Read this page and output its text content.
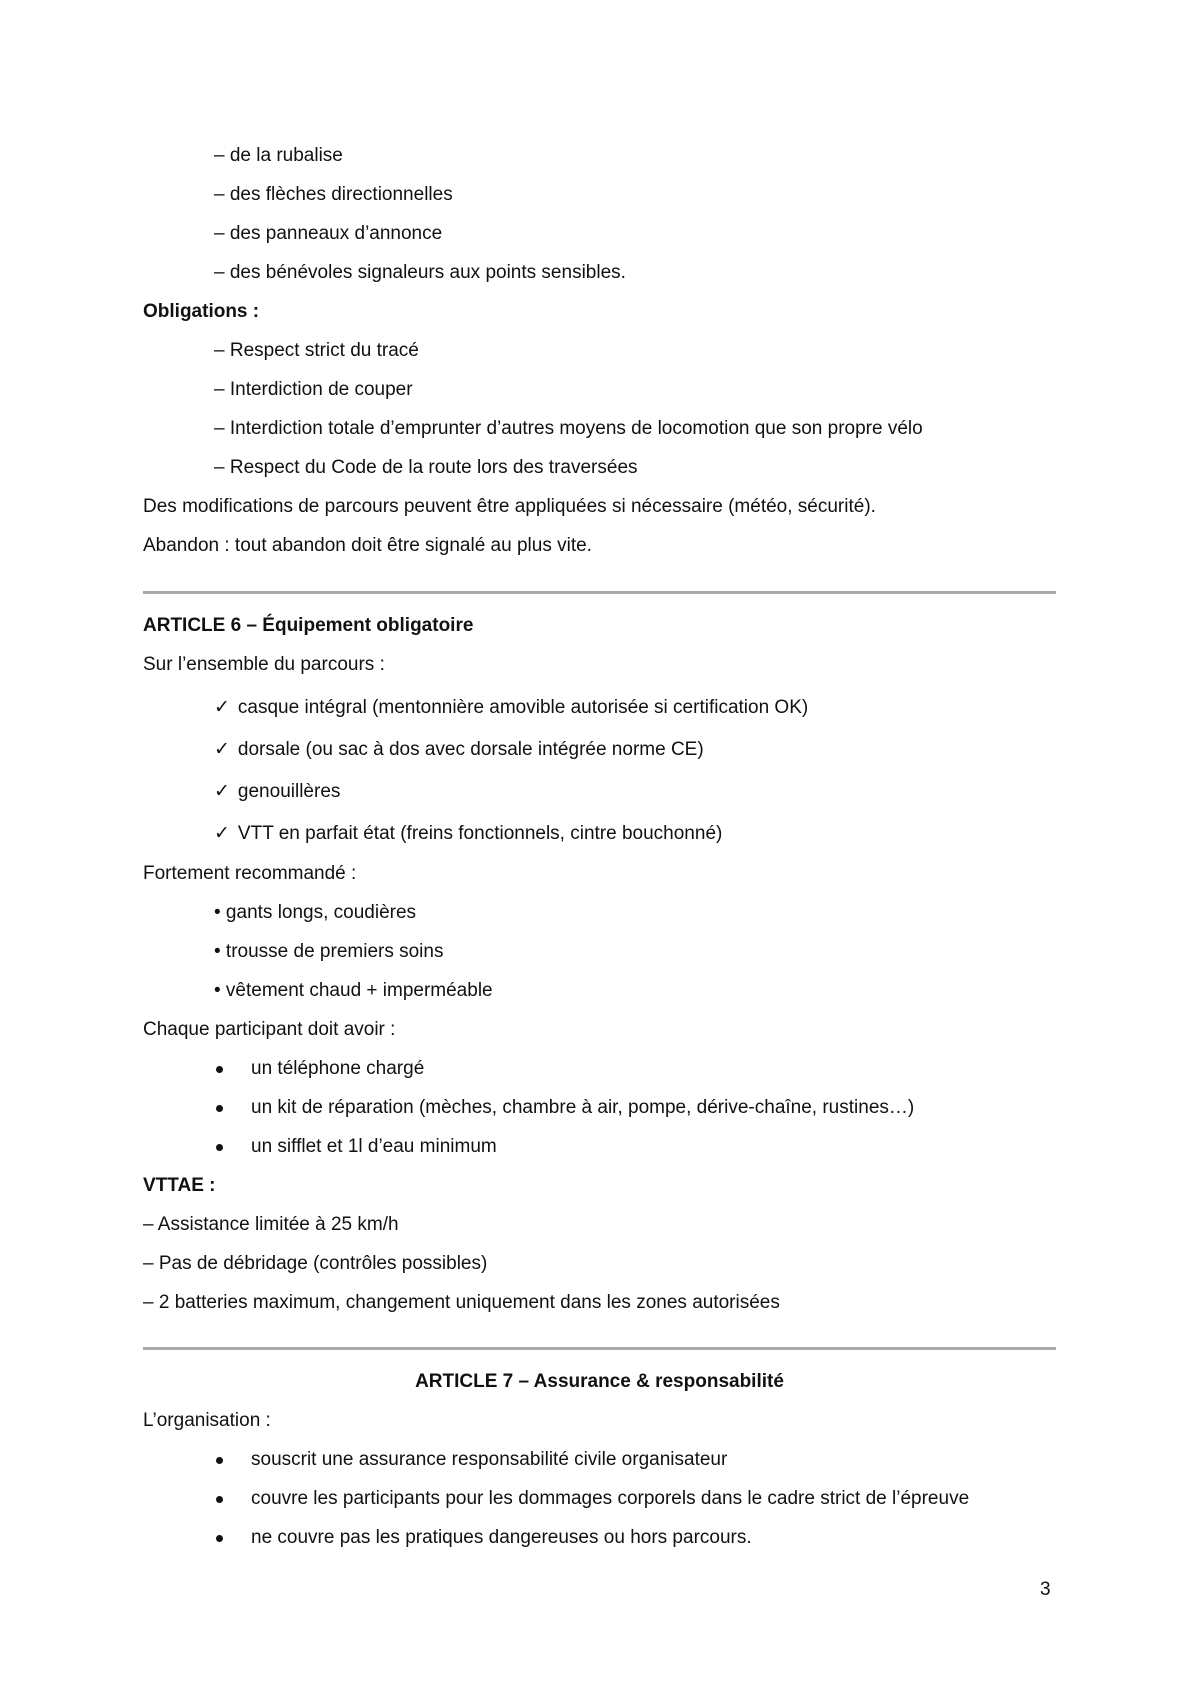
– de la rubalise
– des flèches directionnelles
– des panneaux d’annonce
– des bénévoles signaleurs aux points sensibles.
Obligations :
– Respect strict du tracé
– Interdiction de couper
– Interdiction totale d’emprunter d’autres moyens de locomotion que son propre vélo
– Respect du Code de la route lors des traversées
Des modifications de parcours peuvent être appliquées si nécessaire (météo, sécurité).
Abandon : tout abandon doit être signalé au plus vite.
ARTICLE 6 – Équipement obligatoire
Sur l’ensemble du parcours :
✓ casque intégral (mentonnière amovible autorisée si certification OK)
✓ dorsale (ou sac à dos avec dorsale intégrée norme CE)
✓ genouillères
✓ VTT en parfait état (freins fonctionnels, cintre bouchonné)
Fortement recommandé :
• gants longs, coudières
• trousse de premiers soins
• vêtement chaud + imperméable
Chaque participant doit avoir :
un téléphone chargé
un kit de réparation (mèches, chambre à air, pompe, dérive-chaîne, rustines…)
un sifflet et 1l d’eau minimum
VTTAE :
– Assistance limitée à 25 km/h
– Pas de débridage (contrôles possibles)
– 2 batteries maximum, changement uniquement dans les zones autorisées
ARTICLE 7 – Assurance & responsabilité
L’organisation :
souscrit une assurance responsabilité civile organisateur
couvre les participants pour les dommages corporels dans le cadre strict de l’épreuve
ne couvre pas les pratiques dangereuses ou hors parcours.
3
